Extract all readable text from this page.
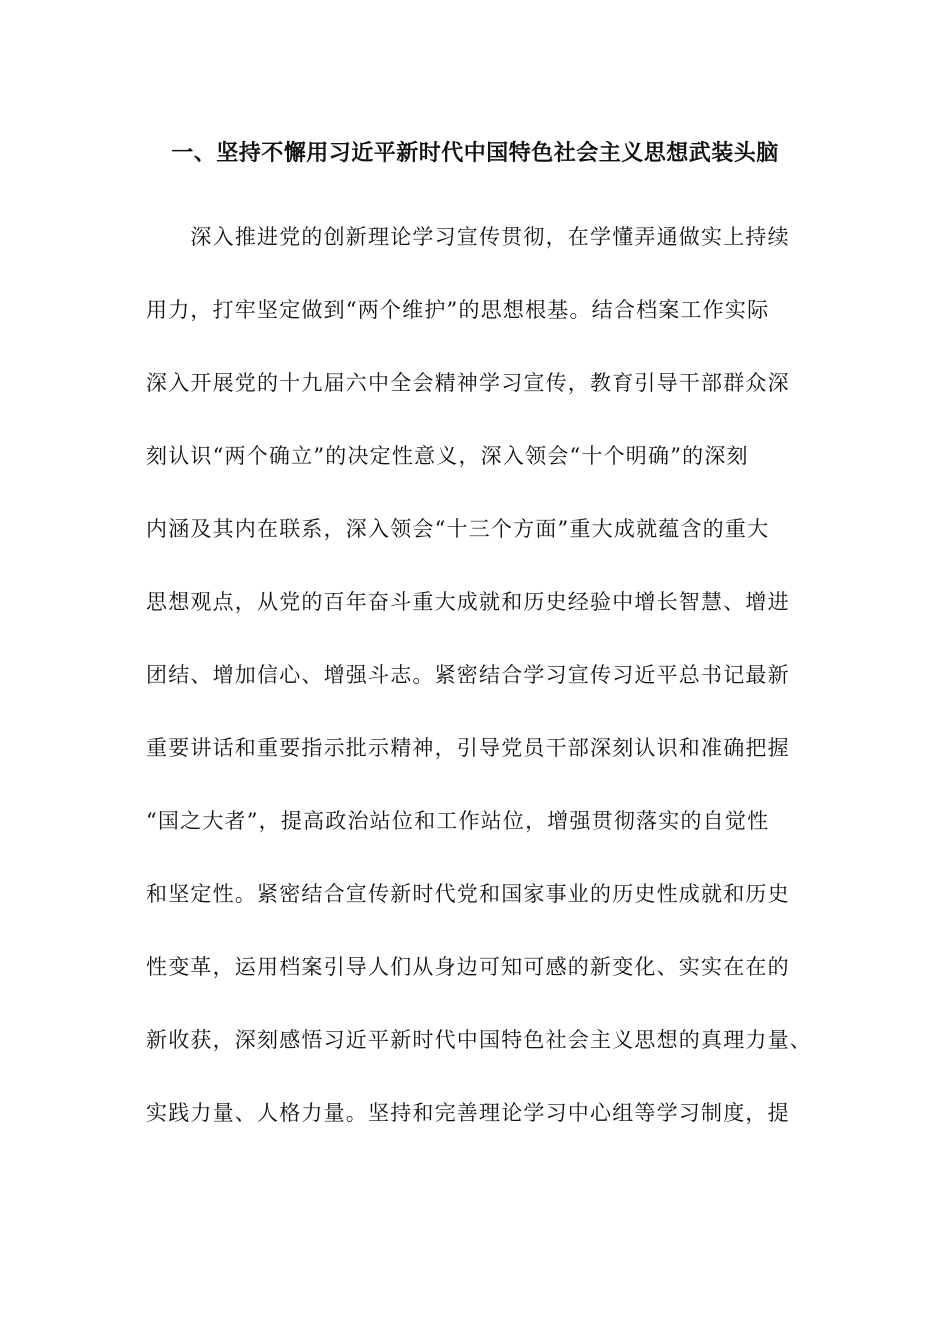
一、坚持不懈用习近平新时代中国特色社会主义思想武装头脑
　　深入推进党的创新理论学习宣传贯彻，在学懂弄通做实上持续
用力，打牢坚定做到“两个维护”的思想根基。结合档案工作实际
深入开展党的十九届六中全会精神学习宣传，教育引导干部群众深
刻认识“两个确立”的决定性意义，深入领会“十个明确”的深刻
内涵及其内在联系，深入领会“十三个方面”重大成就蕴含的重大
思想观点，从党的百年奋斗重大成就和历史经验中增长智慧、增进
团结、增加信心、增强斗志。紧密结合学习宣传习近平总书记最新
重要讲话和重要指示批示精神，引导党员干部深刻认识和准确把握
“国之大者”，提高政治站位和工作站位，增强贯彻落实的自觉性
和坚定性。紧密结合宣传新时代党和国家事业的历史性成就和历史
性变革，运用档案引导人们从身边可知可感的新变化、实实在在的
新收获，深刻感悟习近平新时代中国特色社会主义思想的真理力量、
实践力量、人格力量。坚持和完善理论学习中心组等学习制度，提
